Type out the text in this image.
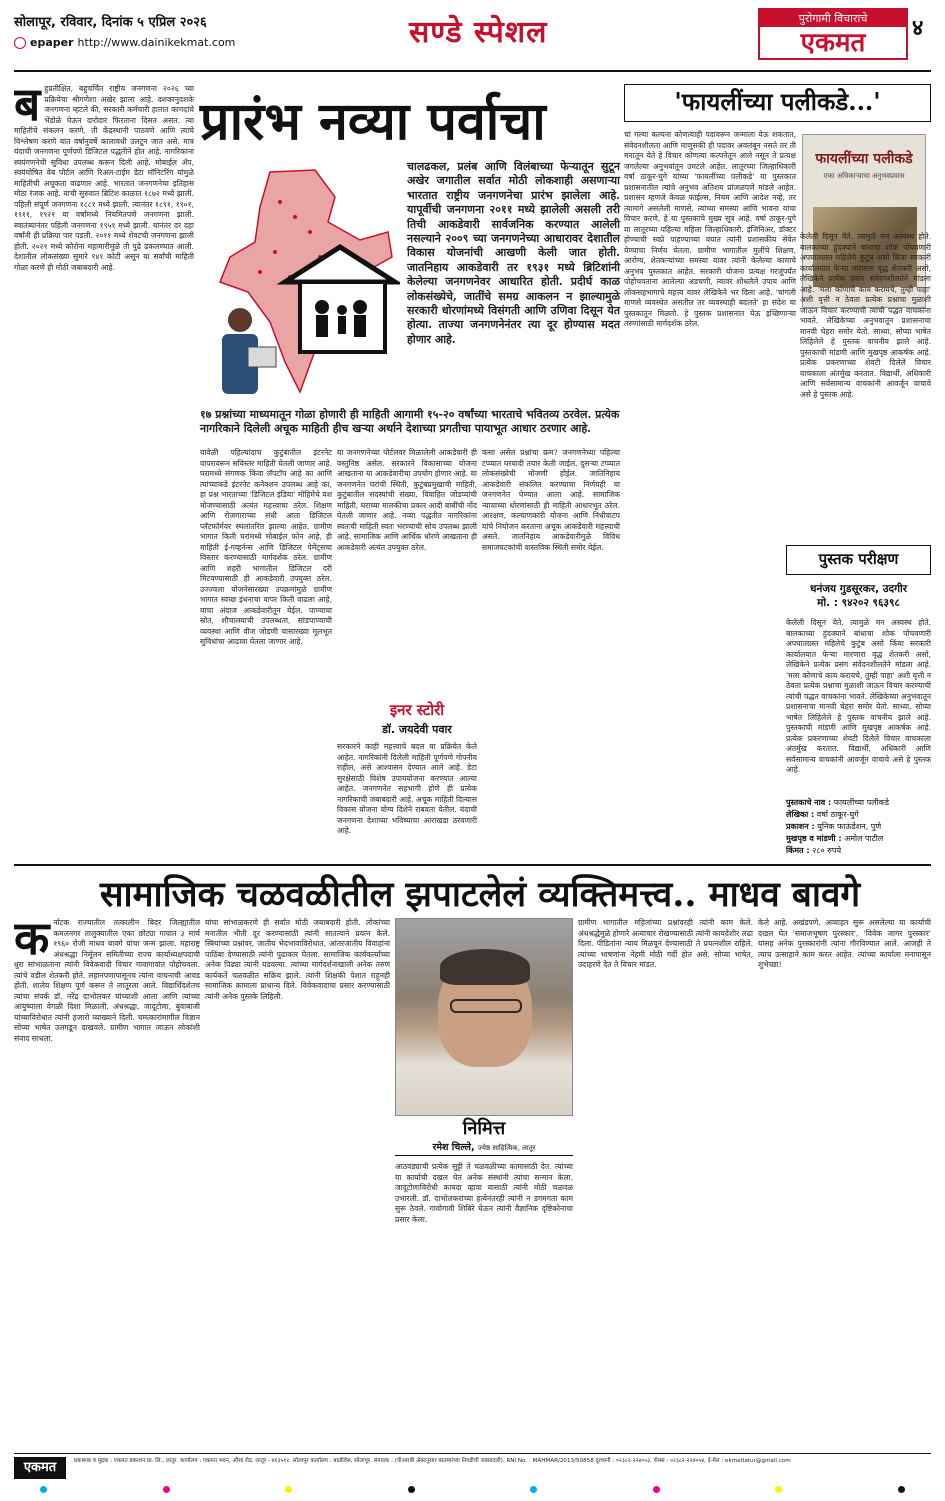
सोलापूर, रविवार, दिनांक ५ एप्रिल २०२६
epaper http://www.dainikekmat.com	सण्डे स्पेशल	पुरोगामी विचाराचे
एकमत	४
ब हुप्रतीक्षित, बहुचर्चित राष्ट्रीय जनगणना २०२६ च्या प्रक्रियेचा श्रीगणेशा अखेर झाला आहे. दशकानुदशके जनगणना म्हटले की, सरकारी कर्मचारी हातात कागदांचे भेंडोळे घेऊन दारोदार फिरताना दिसत असत. त्या माहितीचे संकलन करणे, ती केंद्रस्थानी पाठवणे आणि त्याचे विश्लेषण करणे यात वर्षानुवर्षे कालावधी उलटून जात असे. मात्र यंदाची जनगणना पूर्णपणे डिजिटल पद्धतीने होत आहे. नागरिकांना स्वयंगणनेची सुविधा उपलब्ध करून दिली आहे. मोबाईल ॲप, स्वयंघोषित वेब पोर्टल आणि रिअल-टाईम डेटा मॉनिटरिंग यांमुळे माहितीची अचूकता वाढणार आहे. भारतात जनगणनेचा इतिहास मोठा रंजक आहे. याची सुरुवात ब्रिटिश काळात १८७२ मध्ये झाली. पहिली संपूर्ण जनगणना १८८१ मध्ये झाली. त्यानंतर १८९१, १९०१, १९११, १९२१ या वर्षांमध्ये नियमितपणे जनगणना झाली. स्वातंत्र्यानंतर पहिली जनगणना १९५१ मध्ये झाली. यानंतर दर दहा वर्षांनी ही प्रक्रिया पार पडली. २०११ मध्ये शेवटची जनगणना झाली होती. २०२१ मध्ये कोरोना महामारीमुळे ती पुढे ढकलण्यात आली. देशातील लोकसंख्या सुमारे १४१ कोटी असून या सर्वांची माहिती गोळा करणे ही मोठी जबाबदारी आहे.
प्रारंभ नव्या पर्वाचा
चालढकल, प्रलंब आणि विलंबाच्या फेऱ्यातून सुटून अखेर जगातील सर्वात मोठी लोकशाही असणाऱ्या भारतात राष्ट्रीय जनगणनेचा प्रारंभ झालेला आहे. यापूर्वीची जनगणना २०११ मध्ये झालेली असली तरी तिची आकडेवारी सार्वजनिक करण्यात आलेली नसल्याने २००९ च्या जनगणनेच्या आधारावर देशातील विकास योजनांची आखणी केली जात होती. जातनिहाय आकडेवारी तर १९३१ मध्ये ब्रिटिशांनी केलेल्या जनगणनेवर आधारित होती. प्रदीर्घ काळ लोकसंख्येचे, जातींचे समग्र आकलन न झाल्यामुळे सरकारी धोरणांमध्ये विसंगती आणि उणिवा दिसून येत होत्या. ताज्या जनगणनेनंतर त्या दूर होण्यास मदत होणार आहे.
१७ प्रश्नांच्या माध्यमातून गोळा होणारी ही माहिती आगामी १५-२० वर्षांच्या भारताचे भवितव्य ठरवेल. प्रत्येक नागरिकाने दिलेली अचूक माहिती हीच खऱ्या अर्थाने देशाच्या प्रगतीचा पायाभूत आधार ठरणार आहे.
यावेळी पहिल्यांदाच कुटुंबातील इंटरनेट वापरावरून सविस्तर माहिती घेतली जाणार आहे. घरामध्ये संगणक किंवा लॅपटॉप आहे का आणि त्यांच्याकडे इंटरनेट कनेक्शन उपलब्ध आहे का, हा प्रश्न भारताच्या 'डिजिटल इंडिया' मोहिमेचे यश मोजण्यासाठी अत्यंत महत्त्वाचा ठरेल. शिक्षण आणि रोजगाराच्या संधी आता डिजिटल प्लॅटफॉर्मवर स्थलांतरित झाल्या आहेत. ग्रामीण भागात किती घरांमध्ये मोबाईल फोन आहे, ही माहिती ई-गव्हर्नन्स आणि डिजिटल पेमेंट्सचा विस्तार करण्यासाठी मार्गदर्शक ठरेल. ग्रामीण आणि शहरी भागातील डिजिटल दरी मिटवण्यासाठी ही आकडेवारी उपयुक्त ठरेल. उज्ज्वला योजनेसारख्या उपक्रमांमुळे ग्रामीण भागात स्वच्छ इंधनाचा वापर किती वाढला आहे, याचा अंदाज आकडेवारीतून येईल. पाण्याचा स्रोत, शौचालयाची उपलब्धता, सांडपाण्याची व्यवस्था आणि वीज जोडणी यासारख्या मूलभूत सुविधांचा आढावा घेतला जाणार आहे.
या जनगणनेच्या पोर्टलवर मिळालेली आकडेवारी ही वस्तुनिष्ठ असेल. सरकारने विकासाच्या योजना आखताना या आकडेवारीचा उपयोग होणार आहे. या जनगणनेत घरांची स्थिती, कुटुंबप्रमुखाची माहिती, कुटुंबातील सदस्यांची संख्या, विवाहित जोडप्यांची माहिती, घराच्या मालकीचा प्रकार आदी बाबींची नोंद घेतली जाणार आहे. नव्या पद्धतीत नागरिकांना स्वतःची माहिती स्वतः भरण्याची सोय उपलब्ध झाली आहे. सामाजिक आणि आर्थिक धोरणे आखताना ही आकडेवारी अत्यंत उपयुक्त ठरेल.
इनर स्टोरी
डॉ. जयदेवी पवार
सरकारने काही महत्त्वाचे बदल या प्रक्रियेत केले आहेत. नागरिकांनी दिलेली माहिती पूर्णपणे गोपनीय राहील, असे आश्वासन देण्यात आले आहे. डेटा सुरक्षेसाठी विशेष उपाययोजना करण्यात आल्या आहेत. जनगणनेत सहभागी होणे ही प्रत्येक नागरिकाची जबाबदारी आहे. अचूक माहिती दिल्यास विकास योजना योग्य दिशेने राबवता येतील. यंदाची जनगणना देशाच्या भविष्याचा आराखडा ठरवणारी आहे.
कसा असेल प्रश्नांचा क्रम? जनगणनेच्या पहिल्या टप्प्यात घरयादी तयार केली जाईल. दुसऱ्या टप्प्यात लोकसंख्येची मोजणी होईल. जातिनिहाय आकडेवारी संकलित करण्याचा निर्णयही या जनगणनेत घेण्यात आला आहे. सामाजिक न्यायाच्या धोरणांसाठी ही माहिती आधारभूत ठरेल. आरक्षण, कल्याणकारी योजना आणि निधीवाटप यांचे नियोजन करताना अचूक आकडेवारी महत्त्वाची असते. जातनिहाय आकडेवारीमुळे विविध समाजघटकांची वास्तविक स्थिती समोर येईल.
'फायलींच्या पलीकडे...'
फायलींच्या पलीकडे
एका अधिकाऱ्याचा अनुभवप्रवास
चां गल्या कल्पना कोणत्याही पदावरून जन्माला येऊ शकतात, संवेदनशीलता आणि माणुसकी ही पदावर अवलंबून नसते तर ती मनातून येते हे विचार कोणत्या कल्पनेतून आले नसून ते प्रत्यक्ष जगलेल्या अनुभवांतून उमटले आहेत. लातूरच्या जिल्हाधिकारी वर्षा ठाकूर-घुगे यांच्या 'फायलींच्या पलीकडे' या पुस्तकात प्रशासनातील त्यांचे अनुभव अतिशय प्रांजळपणे मांडले आहेत. प्रशासन म्हणजे केवळ फाईल्स, नियम आणि आदेश नव्हे, तर त्यामागे असलेली माणसे, त्यांच्या समस्या आणि भावना यांचा विचार करणे, हे या पुस्तकाचे मुख्य सूत्र आहे. वर्षा ठाकूर-घुगे या लातूरच्या पहिल्या महिला जिल्हाधिकारी. इंजिनिअर, डॉक्टर होण्याची स्वप्ने पाहण्याच्या वयात त्यांनी प्रशासकीय सेवेत येण्याचा निर्णय घेतला. ग्रामीण भागातील मुलींचे शिक्षण, आरोग्य, शेतकऱ्यांच्या समस्या यावर त्यांनी केलेल्या कामाचे अनुभव पुस्तकात आहेत. सरकारी योजना प्रत्यक्ष गरजूंपर्यंत पोहोचवताना आलेल्या अडचणी, त्यावर शोधलेले उपाय आणि लोकसहभागाचे महत्त्व यावर लेखिकेने भर दिला आहे. 'चांगली माणसे व्यवस्थेत असतील तर व्यवस्थाही बदलते' हा संदेश या पुस्तकातून मिळतो. हे पुस्तक प्रशासनात येऊ इच्छिणाऱ्या तरुणांसाठी मार्गदर्शक ठरेल.
केलेली दिसून येते. त्यामुळे मन अस्वस्थ होते. बालकाच्या हुंदक्याने बांधाचा शोक पोचवणारी अपघातग्रस्त महिलेचे कुटुंब असो किंवा सरकारी कार्यालयात फेऱ्या मारणारा वृद्ध शेतकरी असो, लेखिकेने प्रत्येक प्रसंग संवेदनशीलतेने मांडला आहे. 'मला कोणाचे काय करायचे, तुम्ही पाहा' अशी वृत्ती न ठेवता प्रत्येक प्रश्नाचा मुळाशी जाऊन विचार करण्याची त्यांची पद्धत वाचकांना भावते. लेखिकेच्या अनुभवातून प्रशासनाचा मानवी चेहरा समोर येतो. साध्या, सोप्या भाषेत लिहिलेले हे पुस्तक वाचनीय झाले आहे. पुस्तकाची मांडणी आणि मुखपृष्ठ आकर्षक आहे. प्रत्येक प्रकरणाच्या शेवटी दिलेले विचार वाचकाला अंतर्मुख करतात. विद्यार्थी, अधिकारी आणि सर्वसामान्य वाचकांनी आवर्जून वाचावे असे हे पुस्तक आहे.
पुस्तक परीक्षण
धनंजय गुडसूरकर, उदगीर
मो. : ९४२०२ ९६३९८
केलेली दिसून येते. त्यामुळे मन अस्वस्थ होते. बालकाच्या हुंदक्याने बांधाचा शोक पोचवणारी अपघातग्रस्त महिलेचे कुटुंब असो किंवा सरकारी कार्यालयात फेऱ्या मारणारा वृद्ध शेतकरी असो, लेखिकेने प्रत्येक प्रसंग संवेदनशीलतेने मांडला आहे. 'मला कोणाचे काय करायचे, तुम्ही पाहा' अशी वृत्ती न ठेवता प्रत्येक प्रश्नाचा मुळाशी जाऊन विचार करण्याची त्यांची पद्धत वाचकांना भावते. लेखिकेच्या अनुभवातून प्रशासनाचा मानवी चेहरा समोर येतो. साध्या, सोप्या भाषेत लिहिलेले हे पुस्तक वाचनीय झाले आहे. पुस्तकाची मांडणी आणि मुखपृष्ठ आकर्षक आहे. प्रत्येक प्रकरणाच्या शेवटी दिलेले विचार वाचकाला अंतर्मुख करतात. विद्यार्थी, अधिकारी आणि सर्वसामान्य वाचकांनी आवर्जून वाचावे असे हे पुस्तक आहे.
पुस्तकाचे नाव : फायलींच्या पलीकडे
लेखिका : वर्षा ठाकूर-घुगे
प्रकाशन : युनिक फाऊंडेशन, पुणे
मुखपृष्ठ व मांडणी : अमोल पाटील
किंमत : २८० रुपये
सामाजिक चळवळीतील झपाटलेलं व्यक्तिमत्त्व.. माधव बावगे
क र्नाटक राज्यातील तत्कालीन बिदर जिल्ह्यातील कमलनगर तालुक्यातील एका छोट्या गावात ३ मार्च १९६० रोजी माधव बावगे यांचा जन्म झाला. महाराष्ट्र अंधश्रद्धा निर्मूलन समितीच्या राज्य कार्याध्यक्षपदाची धुरा सांभाळताना त्यांनी विवेकवादी विचार गावागावांत पोहोचवला. त्यांचे वडील शेतकरी होते. लहानपणापासूनच त्यांना वाचनाची आवड होती. शालेय शिक्षण पूर्ण करून ते लातूरला आले. विद्यार्थिदशेतच त्यांचा संपर्क डॉ. नरेंद्र दाभोलकर यांच्याशी आला आणि त्यांच्या आयुष्याला वेगळी दिशा मिळाली. अंधश्रद्धा, जादूटोणा, बुवाबाजी यांच्याविरोधात त्यांनी हजारो व्याख्याने दिली. चमत्कारांमागील विज्ञान सोप्या भाषेत उलगडून दाखवले. ग्रामीण भागात जाऊन लोकांशी संवाद साधला.
यांचा सांभाळकरणे ही सर्वात मोठी जबाबदारी होती. लोकांच्या मनातील भीती दूर करण्यासाठी त्यांनी सातत्याने प्रयत्न केले. स्त्रियांच्या प्रश्नांवर, जातीय भेदभावाविरोधात, आंतरजातीय विवाहांना पाठिंबा देण्यासाठी त्यांनी पुढाकार घेतला. सामाजिक कार्यकर्त्यांच्या अनेक पिढ्या त्यांनी घडवल्या. त्यांच्या मार्गदर्शनाखाली अनेक तरुण कार्यकर्ते चळवळीत सक्रिय झाले. त्यांनी शिक्षकी पेशात राहूनही सामाजिक कामाला प्राधान्य दिले. विवेकवादाचा प्रसार करण्यासाठी त्यांनी अनेक पुस्तके लिहिली.
निमित्त
रमेश चिल्ले, ज्येष्ठ साहित्यिक, लातूर
आठवड्याची प्रत्येक सुट्टी ते चळवळीच्या कामासाठी देत. त्यांच्या या कार्याची दखल घेत अनेक संस्थांनी त्यांचा सन्मान केला. जादूटोणाविरोधी कायदा व्हावा यासाठी त्यांनी मोठी चळवळ उभारली. डॉ. दाभोलकरांच्या हत्येनंतरही त्यांनी न डगमगता काम सुरू ठेवले. गावोगावी शिबिरे घेऊन त्यांनी वैज्ञानिक दृष्टिकोनाचा प्रसार केला.
ग्रामीण भागातील महिलांच्या प्रश्नांवरही त्यांनी काम केले. अंधश्रद्धेमुळे होणारे अत्याचार रोखण्यासाठी त्यांनी कायदेशीर लढा दिला. पीडितांना न्याय मिळवून देण्यासाठी ते प्रयत्नशील राहिले. त्यांच्या भाषणांना नेहमी मोठी गर्दी होत असे. सोप्या भाषेत, उदाहरणे देत ते विचार मांडत.
केले आहे. अखंडपणे, अव्याहत सुरू असलेल्या या कार्याची दखल घेत 'समाजभूषण पुरस्कार', 'विवेक जागर पुरस्कार' यांसह अनेक पुरस्कारांनी त्यांना गौरविण्यात आले. आजही ते त्याच उत्साहाने काम करत आहेत. त्यांच्या कार्याला मनापासून शुभेच्छा!
एकमत	प्रकाशक व मुद्रक : एकमत प्रकाशन प्रा. लि., लातूर. कार्यालय : एकमत भवन, औसा रोड, लातूर - ४१३५१२. सोलापूर कार्यालय : बाळीवेस, सोलापूर. संपादक : (पीआरबी ॲक्टनुसार बातम्यांच्या निवडीची जबाबदारी). RNI No. : MAHMAR/2013/50858 दूरध्वनी : ०२३८२-२२४०५३, फॅक्स : ०२३८२-२२४०५४, ई-मेल : ekmatlatur@gmail.com
